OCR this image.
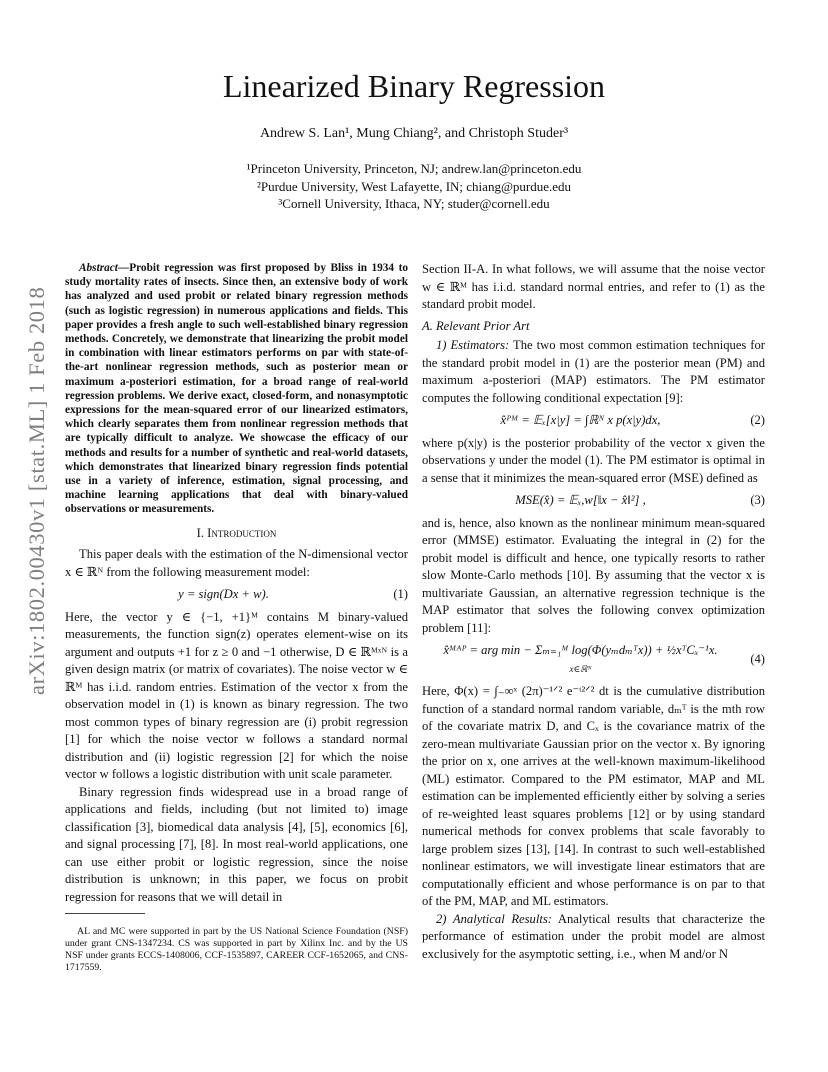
arXiv:1802.00430v1 [stat.ML] 1 Feb 2018
Linearized Binary Regression
Andrew S. Lan¹, Mung Chiang², and Christoph Studer³
¹Princeton University, Princeton, NJ; andrew.lan@princeton.edu
²Purdue University, West Lafayette, IN; chiang@purdue.edu
³Cornell University, Ithaca, NY; studer@cornell.edu

Abstract—Probit regression was first proposed by Bliss in 1934 to study mortality rates of insects. Since then, an extensive body of work has analyzed and used probit or related binary regression methods (such as logistic regression) in numerous applications and fields. This paper provides a fresh angle to such well-established binary regression methods. Concretely, we demonstrate that linearizing the probit model in combination with linear estimators performs on par with state-of-the-art nonlinear regression methods, such as posterior mean or maximum a-posteriori estimation, for a broad range of real-world regression problems. We derive exact, closed-form, and nonasymptotic expressions for the mean-squared error of our linearized estimators, which clearly separates them from nonlinear regression methods that are typically difficult to analyze. We showcase the efficacy of our methods and results for a number of synthetic and real-world datasets, which demonstrates that linearized binary regression finds potential use in a variety of inference, estimation, signal processing, and machine learning applications that deal with binary-valued observations or measurements.

I. Introduction

This paper deals with the estimation of the N-dimensional vector x ∈ ℝᴺ from the following measurement model:

y = sign(Dx + w).	(1)

Here, the vector y ∈ {−1, +1}ᴹ contains M binary-valued measurements, the function sign(z) operates element-wise on its argument and outputs +1 for z ≥ 0 and −1 otherwise, D ∈ ℝᴹˣᴺ is a given design matrix (or matrix of covariates). The noise vector w ∈ ℝᴹ has i.i.d. random entries. Estimation of the vector x from the observation model in (1) is known as binary regression. The two most common types of binary regression are (i) probit regression [1] for which the noise vector w follows a standard normal distribution and (ii) logistic regression [2] for which the noise vector w follows a logistic distribution with unit scale parameter.

Binary regression finds widespread use in a broad range of applications and fields, including (but not limited to) image classification [3], biomedical data analysis [4], [5], economics [6], and signal processing [7], [8]. In most real-world applications, one can use either probit or logistic regression, since the noise distribution is unknown; in this paper, we focus on probit regression for reasons that we will detail in

AL and MC were supported in part by the US National Science Foundation (NSF) under grant CNS-1347234. CS was supported in part by Xilinx Inc. and by the US NSF under grants ECCS-1408006, CCF-1535897, CAREER CCF-1652065, and CNS-1717559.

Section II-A. In what follows, we will assume that the noise vector w ∈ ℝᴹ has i.i.d. standard normal entries, and refer to (1) as the standard probit model.

A. Relevant Prior Art

1) Estimators: The two most common estimation techniques for the standard probit model in (1) are the posterior mean (PM) and maximum a-posteriori (MAP) estimators. The PM estimator computes the following conditional expectation [9]:

x̂ᴾᴹ = 𝔼ₓ[x|y] = ∫ℝᴺ x p(x|y)dx,	(2)

where p(x|y) is the posterior probability of the vector x given the observations y under the model (1). The PM estimator is optimal in a sense that it minimizes the mean-squared error (MSE) defined as

MSE(x̂) = 𝔼ₓ,w[‖x − x̂‖²] ,	(3)

and is, hence, also known as the nonlinear minimum mean-squared error (MMSE) estimator. Evaluating the integral in (2) for the probit model is difficult and hence, one typically resorts to rather slow Monte-Carlo methods [10]. By assuming that the vector x is multivariate Gaussian, an alternative regression technique is the MAP estimator that solves the following convex optimization problem [11]:

x̂ᴹᴬᴾ = arg min − Σₘ₌₁ᴹ log(Φ(yₘdₘᵀx)) + ½xᵀCₓ⁻¹x.
x∈ℝᴺ
(4)

Here, Φ(x) = ∫₋∞ˣ (2π)⁻¹ᐟ² e⁻ᵗ²ᐟ² dt is the cumulative distribution function of a standard normal random variable, dₘᵀ is the mth row of the covariate matrix D, and Cₓ is the covariance matrix of the zero-mean multivariate Gaussian prior on the vector x. By ignoring the prior on x, one arrives at the well-known maximum-likelihood (ML) estimator. Compared to the PM estimator, MAP and ML estimation can be implemented efficiently either by solving a series of re-weighted least squares problems [12] or by using standard numerical methods for convex problems that scale favorably to large problem sizes [13], [14]. In contrast to such well-established nonlinear estimators, we will investigate linear estimators that are computationally efficient and whose performance is on par to that of the PM, MAP, and ML estimators.

2) Analytical Results: Analytical results that characterize the performance of estimation under the probit model are almost exclusively for the asymptotic setting, i.e., when M and/or N
